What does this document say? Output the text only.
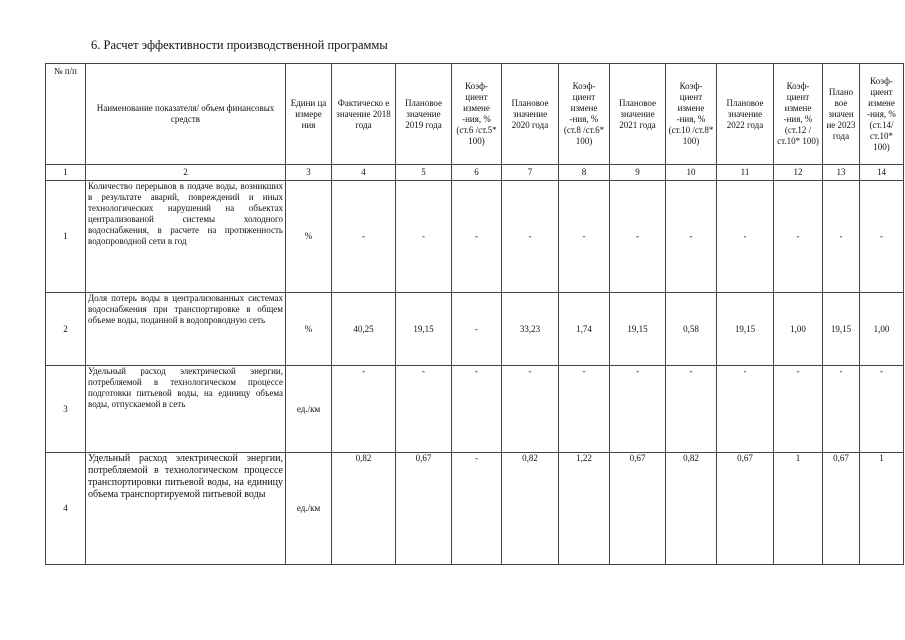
6. Расчет эффективности производственной программы
№ п/п	Наименование показателя/ объем финансовых средств	Едини ца измере ния	Фактическо е значение 2018 года	Плановое значение 2019 года	Коэф- циент измене -ния, %(ст.6 /ст.5* 100)	Плановое значение 2020 года	Коэф- циент измене -ния, % (ст.8 /ст.6* 100)	Плановое значение 2021 года	Коэф- циент измене -ния, % (ст.10 /ст.8* 100)	Плановое значение 2022 года	Коэф- циент измене -ния, % (ст.12 /ст.10* 100)	Плано вое значен ие 2023 года	Коэф- циент измене -ния, % (ст.14/ ст.10* 100)
1	2	3	4	5	6	7	8	9	10	11	12	13	14
1	Количество перерывов в подаче воды, возникших в результате аварий, повреждений и иных технологических нарушений на объектах централизованой системы холодного водоснабжения, в расчете на протяженность водопроводной сети в год	%	-	-	-	-	-	-	-	-	-	-	-
2	Доля потерь воды в централизованных системах водоснабжения при транспортировке в общем объеме воды, поданной в водопроводную сеть	%	40,25	19,15	-	33,23	1,74	19,15	0,58	19,15	1,00	19,15	1,00
3	Удельный расход электрической энергии, потребляемой в технологическом процессе подготовки питьевой воды, на единицу объема воды, отпускаемой в сеть	ед./км	-	-	-	-	-	-	-	-	-	-	-
4	Удельный расход электрической энергии, потребляемой в технологическом процессе транспортировки питьевой воды, на единицу объема транспортируемой питьевой воды	ед./км	0,82	0,67	-	0,82	1,22	0,67	0,82	0,67	1	0,67	1
